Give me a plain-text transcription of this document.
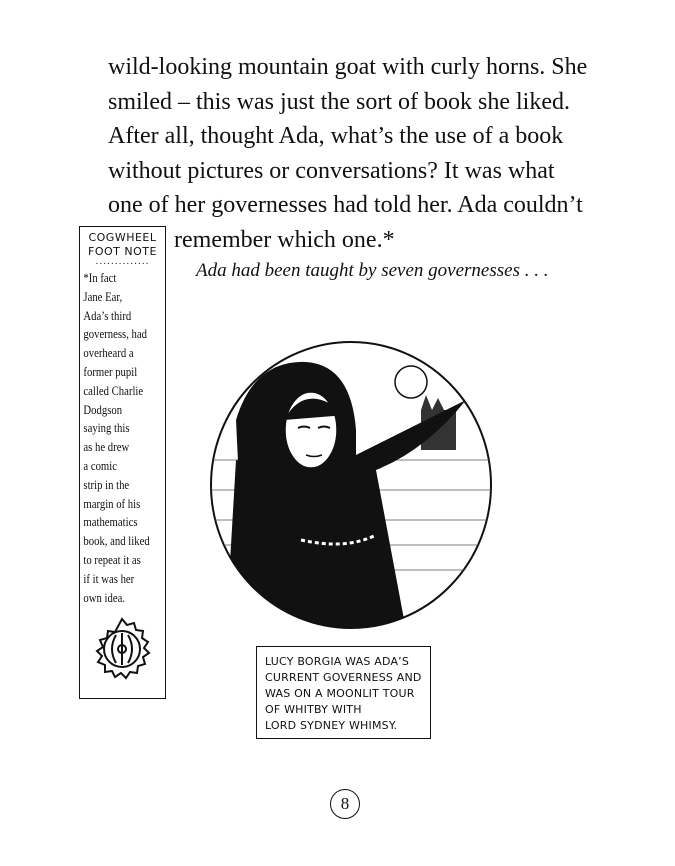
wild-looking mountain goat with curly horns. She
smiled – this was just the sort of book she liked.
After all, thought Ada, what’s the use of a book
without pictures or conversations? It was what
one of her governesses had told her. Ada couldn’t
remember which one.*
Ada had been taught by seven governesses . . .
COGWHEEL
FOOT NOTE
..............
*In fact
Jane Ear,
Ada’s third
governess, had
overheard a
former pupil
called Charlie
Dodgson
saying this
as he drew
a comic
strip in the
margin of his
mathematics
book, and liked
to repeat it as
if it was her
own idea.
LUCY BORGIA WAS ADA’S
CURRENT GOVERNESS AND
WAS ON A MOONLIT TOUR
OF WHITBY WITH
LORD SYDNEY WHIMSY.
8
